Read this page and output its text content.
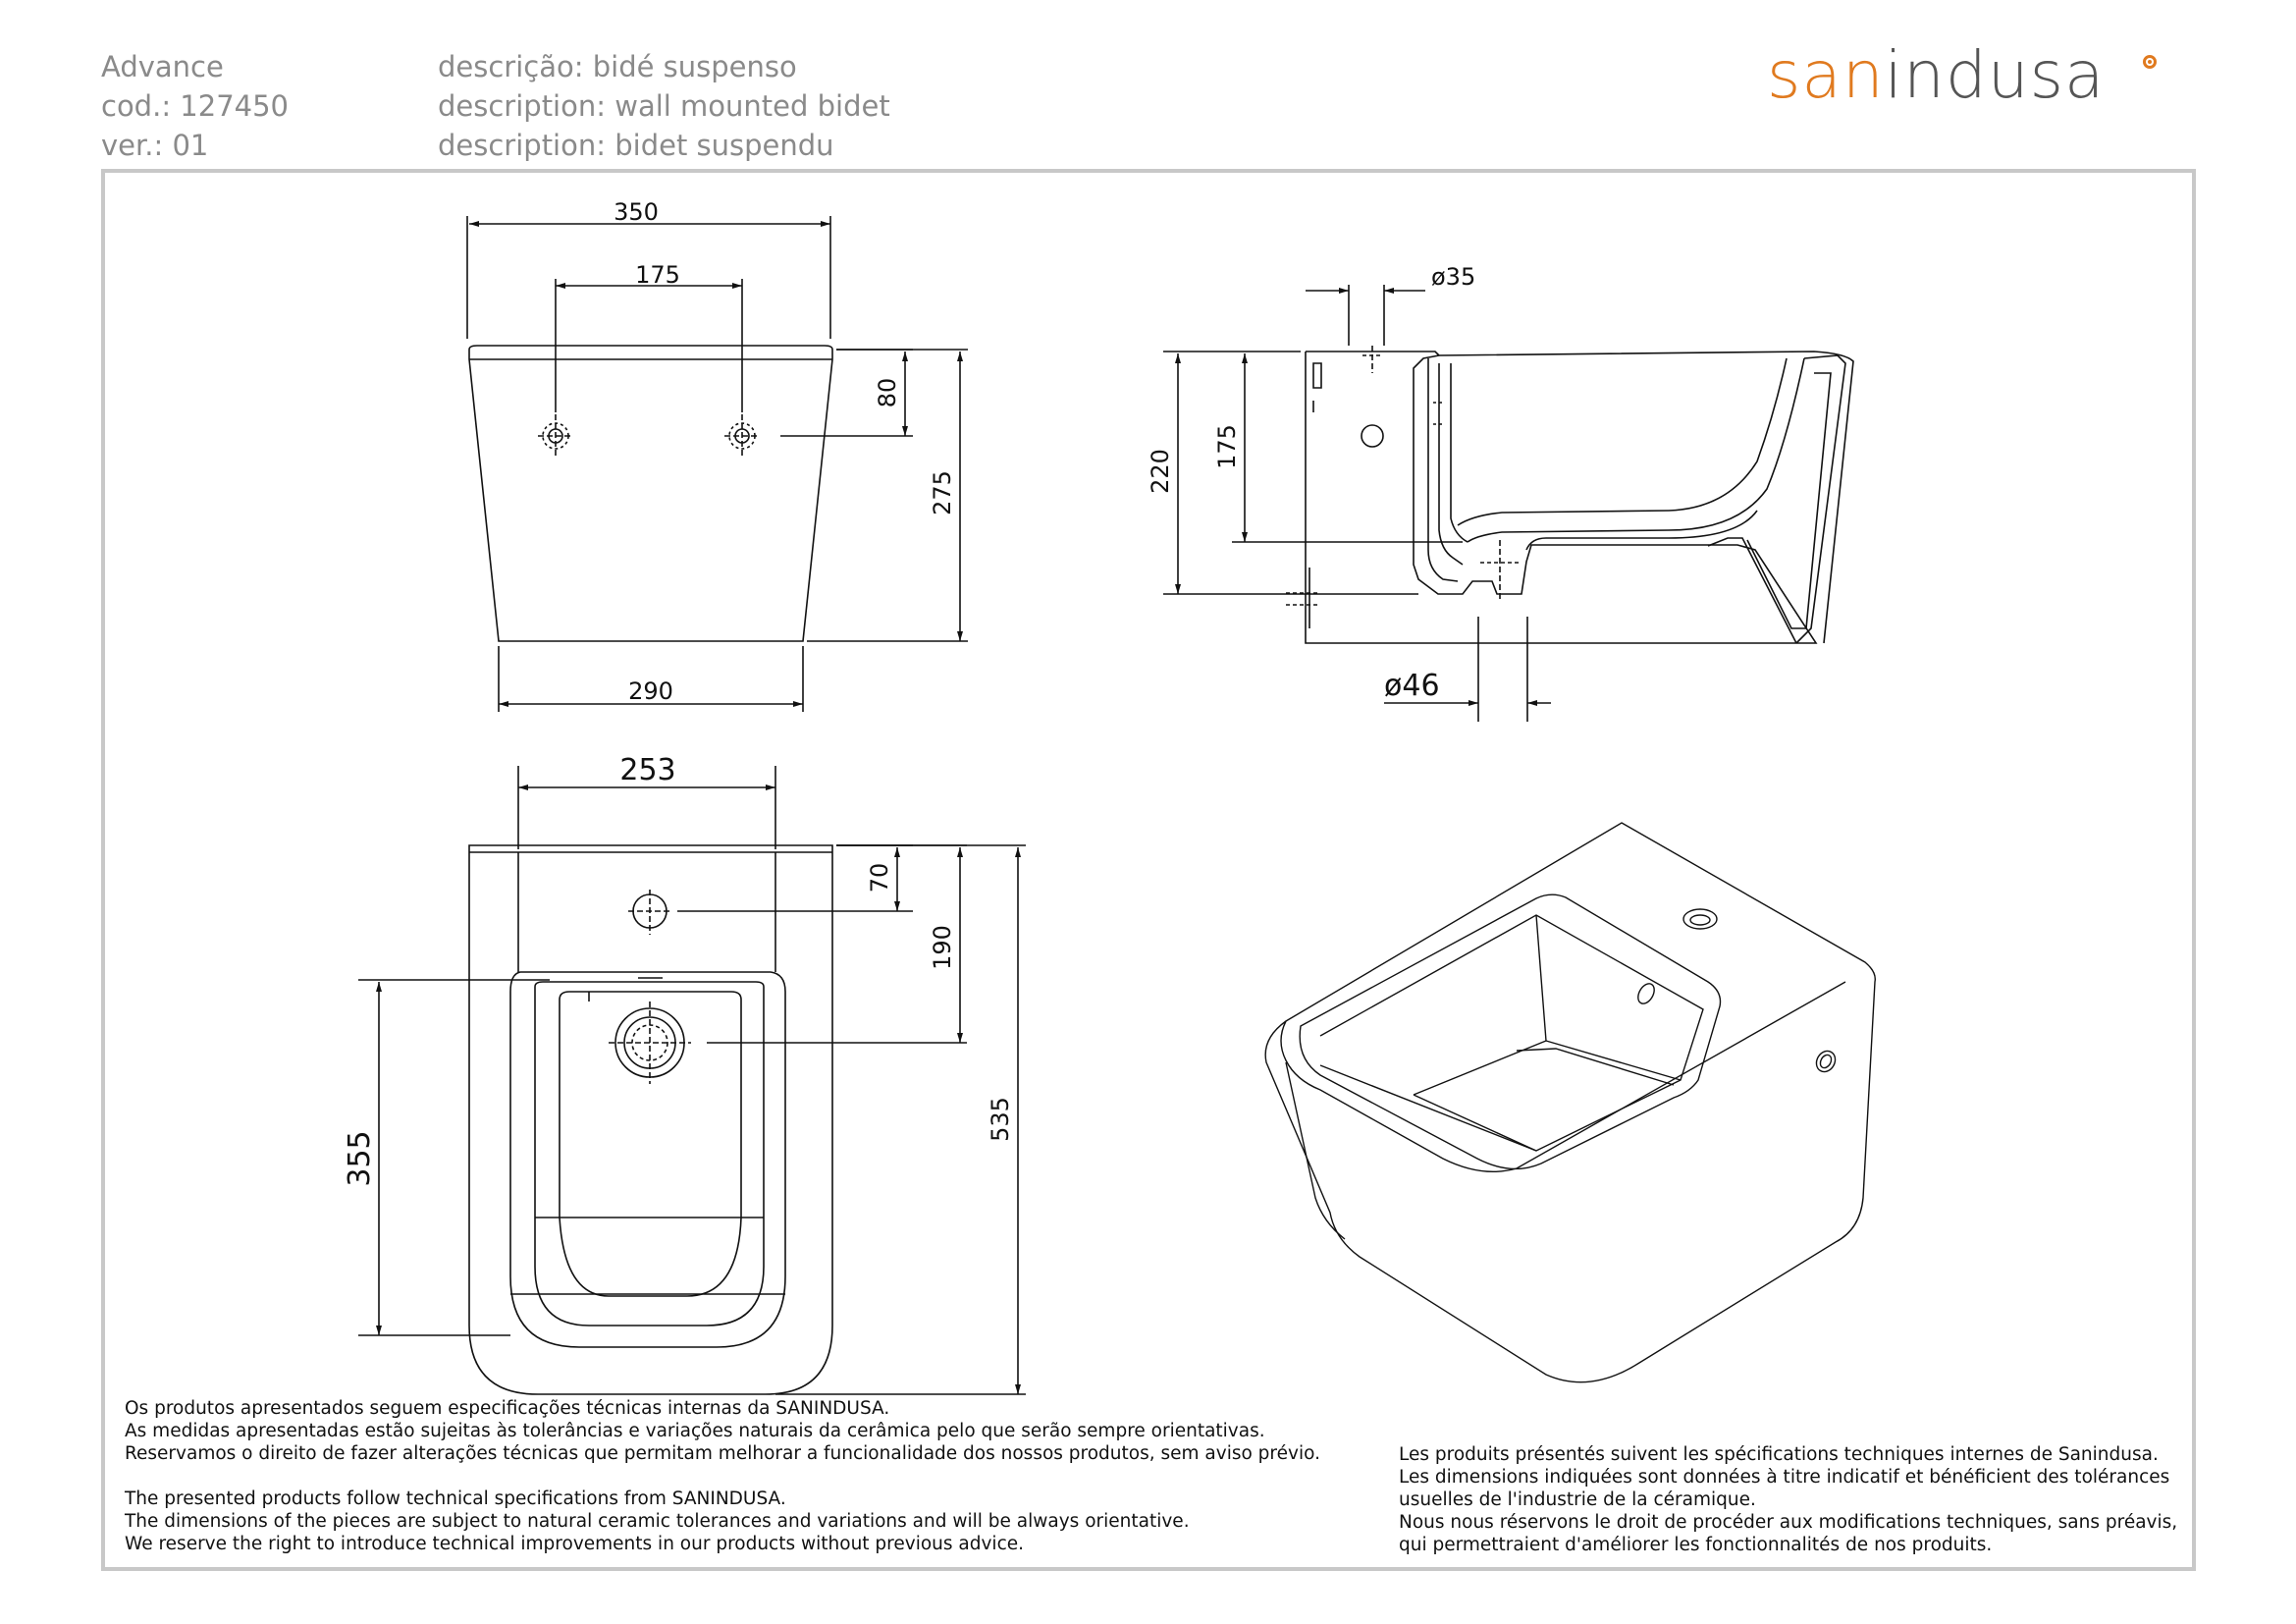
Advance
cod.: 127450
ver.: 01
descrição: bidé suspenso
description: wall mounted bidet
description: bidet suspendu
sanindusa
350
175
80
275
290
ø35
220
175
190
535
70
ø46
253
355

Os produtos apresentados seguem especificações técnicas internas da SANINDUSA.

As medidas apresentadas estão sujeitas às tolerâncias e variações naturais da cerâmica pelo que serão sempre orientativas.

Reservamos o direito de fazer alterações técnicas que permitam melhorar a funcionalidade dos nossos produtos, sem aviso prévio.

The presented products follow technical specifications from SANINDUSA.

The dimensions of the pieces are subject to natural ceramic tolerances and variations and will be always orientative.

We reserve the right to introduce technical improvements in our products without previous advice.

Les produits présentés suivent les spécifications techniques internes de Sanindusa.

Les dimensions indiquées sont données à titre indicatif et bénéficient des tolérances

usuelles de l'industrie de la céramique.

Nous nous réservons le droit de procéder aux modifications techniques, sans préavis,

qui permettraient d'améliorer les fonctionnalités de nos produits.
